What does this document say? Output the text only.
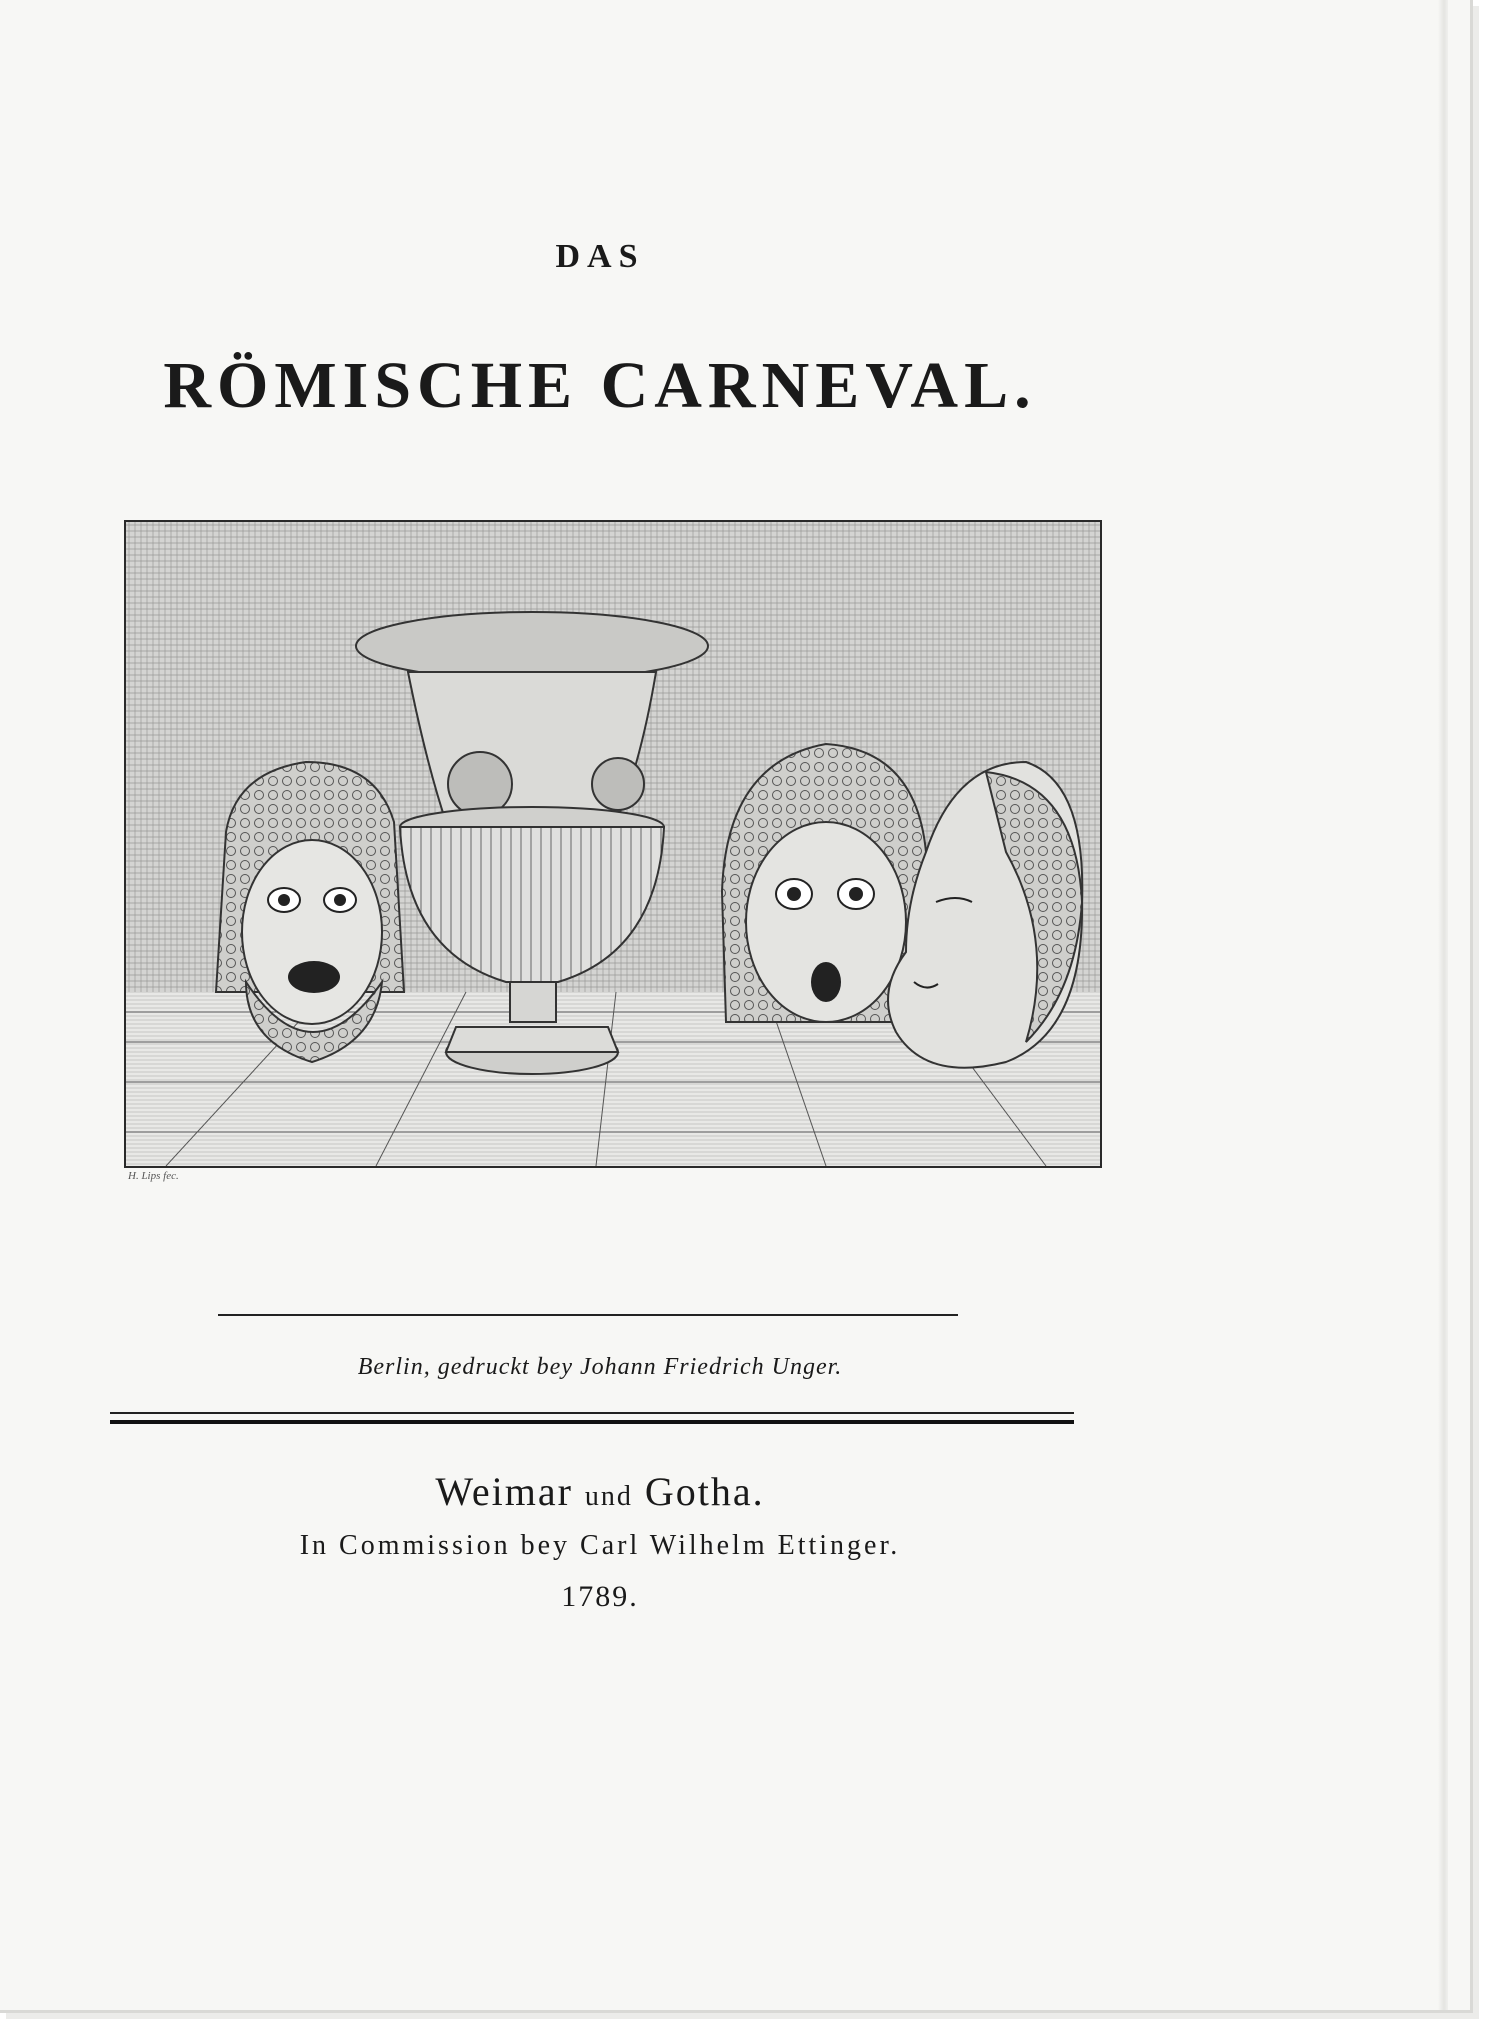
DAS
RÖMISCHE CARNEVAL.
H. Lips fec.
Berlin, gedruckt bey Johann Friedrich Unger.
Weimar und Gotha.
In Commission bey Carl Wilhelm Ettinger.
1789.
